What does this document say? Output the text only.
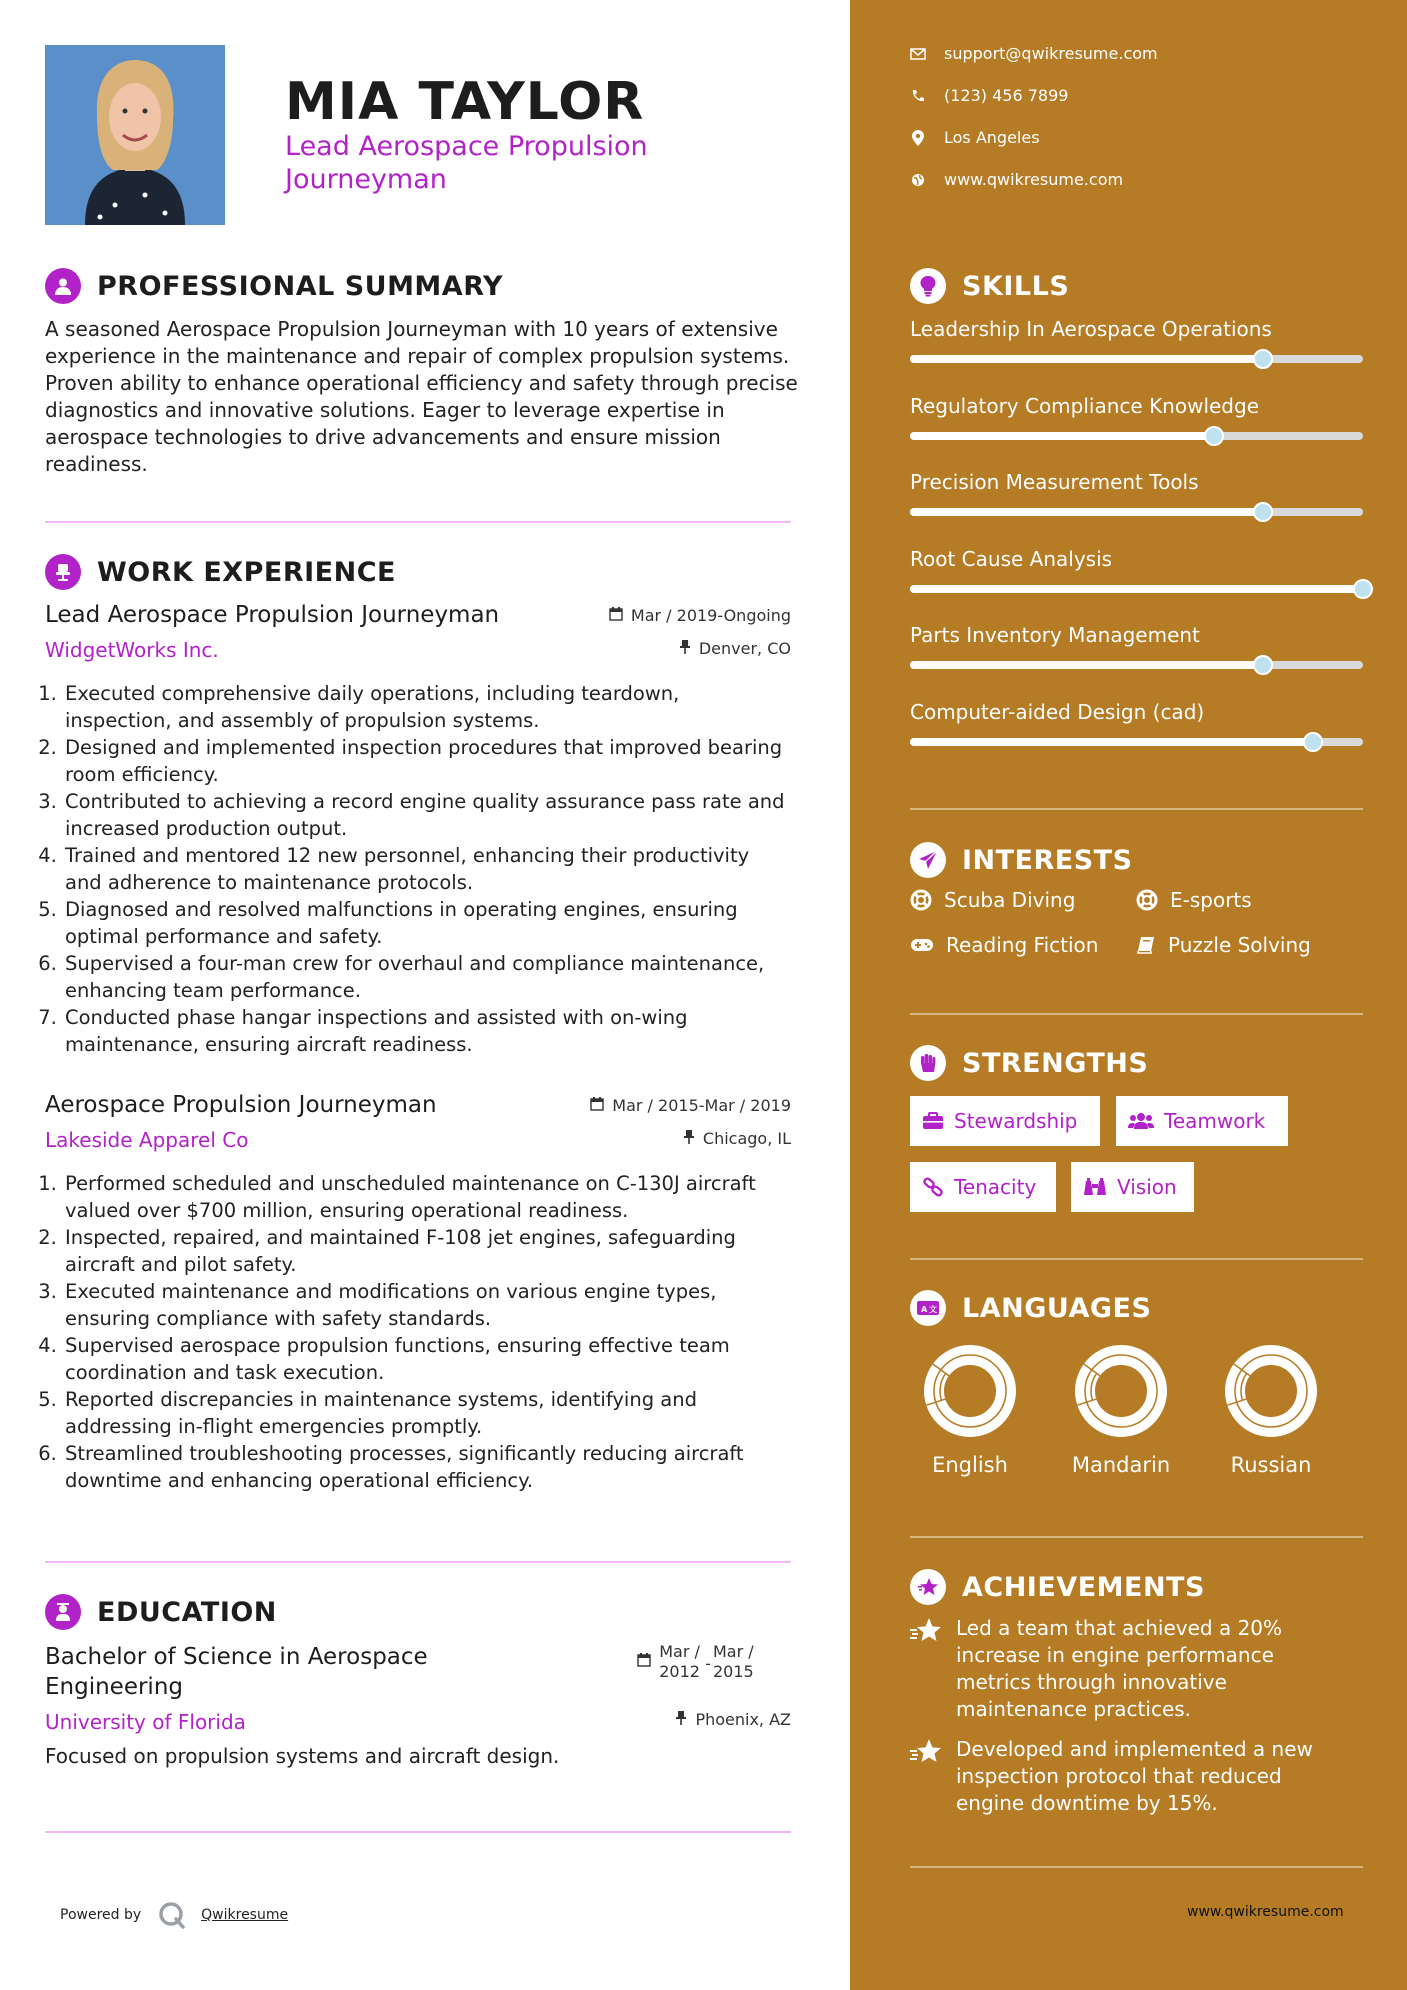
MIA TAYLOR
Lead Aerospace Propulsion Journeyman
PROFESSIONAL SUMMARY
A seasoned Aerospace Propulsion Journeyman with 10 years of extensive experience in the maintenance and repair of complex propulsion systems. Proven ability to enhance operational efficiency and safety through precise diagnostics and innovative solutions. Eager to leverage expertise in aerospace technologies to drive advancements and ensure mission readiness.
WORK EXPERIENCE
Lead Aerospace Propulsion Journeyman
WidgetWorks Inc.
Mar / 2019-Ongoing
Denver, CO
1. Executed comprehensive daily operations, including teardown, inspection, and assembly of propulsion systems.
2. Designed and implemented inspection procedures that improved bearing room efficiency.
3. Contributed to achieving a record engine quality assurance pass rate and increased production output.
4. Trained and mentored 12 new personnel, enhancing their productivity and adherence to maintenance protocols.
5. Diagnosed and resolved malfunctions in operating engines, ensuring optimal performance and safety.
6. Supervised a four-man crew for overhaul and compliance maintenance, enhancing team performance.
7. Conducted phase hangar inspections and assisted with on-wing maintenance, ensuring aircraft readiness.
Aerospace Propulsion Journeyman
Lakeside Apparel Co
Mar / 2015-Mar / 2019
Chicago, IL
1. Performed scheduled and unscheduled maintenance on C-130J aircraft valued over $700 million, ensuring operational readiness.
2. Inspected, repaired, and maintained F-108 jet engines, safeguarding aircraft and pilot safety.
3. Executed maintenance and modifications on various engine types, ensuring compliance with safety standards.
4. Supervised aerospace propulsion functions, ensuring effective team coordination and task execution.
5. Reported discrepancies in maintenance systems, identifying and addressing in-flight emergencies promptly.
6. Streamlined troubleshooting processes, significantly reducing aircraft downtime and enhancing operational efficiency.
EDUCATION
Bachelor of Science in Aerospace Engineering
University of Florida
Mar / 2012 -
Mar / 2015
Phoenix, AZ
Focused on propulsion systems and aircraft design.
Powered by	Qwikresume
support@qwikresume.com
(123) 456 7899
Los Angeles
www.qwikresume.com
SKILLS
Leadership In Aerospace Operations
Regulatory Compliance Knowledge
Precision Measurement Tools
Root Cause Analysis
Parts Inventory Management
Computer-aided Design (cad)
INTERESTS
Scuba Diving	E-sports
Reading Fiction	Puzzle Solving
STRENGTHS
Stewardship	Teamwork
Tenacity	Vision
A 文 LANGUAGES
English	Mandarin	Russian
ACHIEVEMENTS
Led a team that achieved a 20% increase in engine performance metrics through innovative maintenance practices.
Developed and implemented a new inspection protocol that reduced engine downtime by 15%.
www.qwikresume.com
